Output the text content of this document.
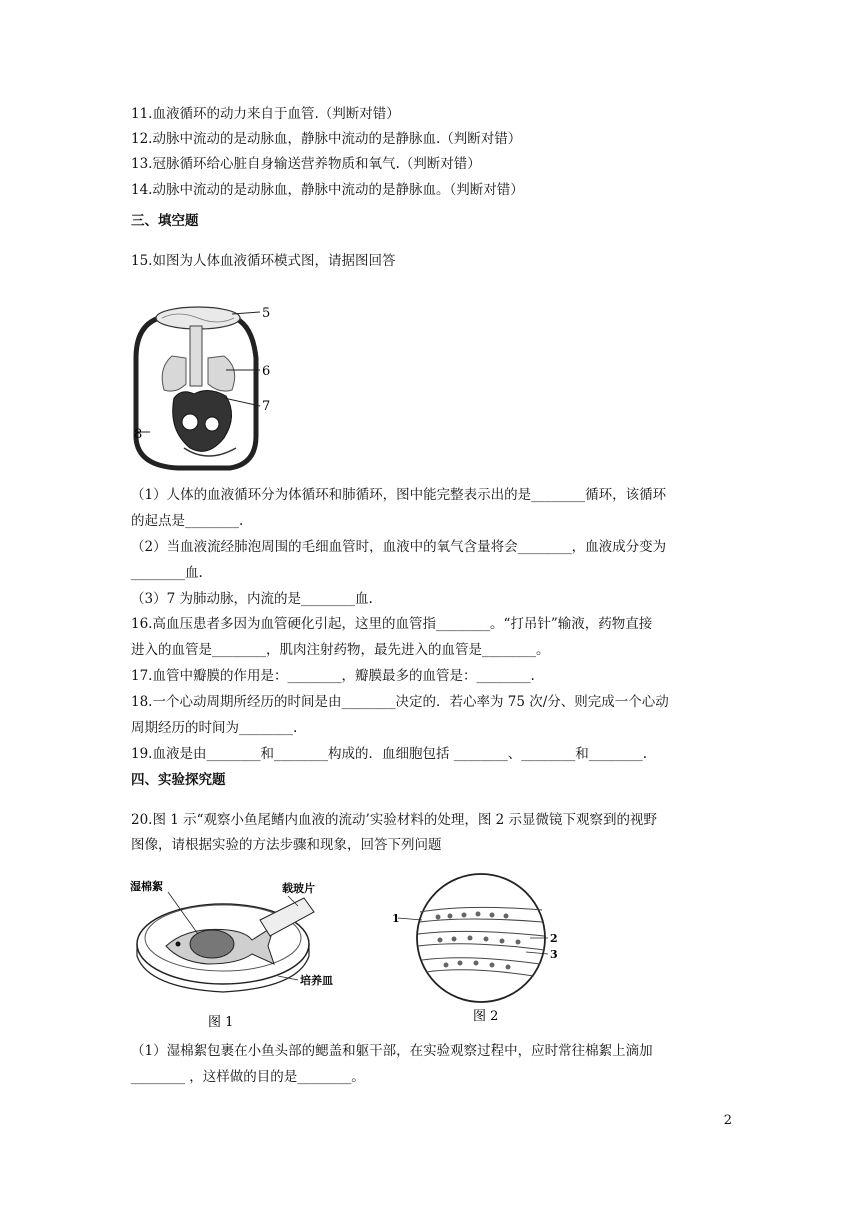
11.血液循环的动力来自于血管.（判断对错）
12.动脉中流动的是动脉血，静脉中流动的是静脉血.（判断对错）
13.冠脉循环给心脏自身输送营养物质和氧气.（判断对错）
14.动脉中流动的是动脉血，静脉中流动的是静脉血。（判断对错）
三、填空题
15.如图为人体血液循环模式图，请据图回答
5
6
7
8
（1）人体的血液循环分为体循环和肺循环，图中能完整表示出的是________循环，该循环
的起点是________.
（2）当血液流经肺泡周围的毛细血管时，血液中的氧气含量将会________，血液成分变为
________血.
（3）7 为肺动脉，内流的是________血.
16.高血压患者多因为血管硬化引起，这里的血管指________。“打吊针”输液，药物直接
进入的血管是________，肌肉注射药物，最先进入的血管是________。
17.血管中瓣膜的作用是：________，瓣膜最多的血管是：________.
18.一个心动周期所经历的时间是由________决定的．若心率为 75 次/分、则完成一个心动
周期经历的时间为________.
19.血液是由________和________构成的．血细胞包括 ________、________和________.
四、实验探究题
20.图 1 示“观察小鱼尾鳍内血液的流动’实验材料的处理，图 2 示显微镜下观察到的视野
图像，请根据实验的方法步骤和现象，回答下列问题
湿棉絮	载玻片
培养皿
图 1
1
2
3
图 2
（1）湿棉絮包裹在小鱼头部的鳃盖和躯干部，在实验观察过程中，应时常往棉絮上滴加
________ ，这样做的目的是________。
2
